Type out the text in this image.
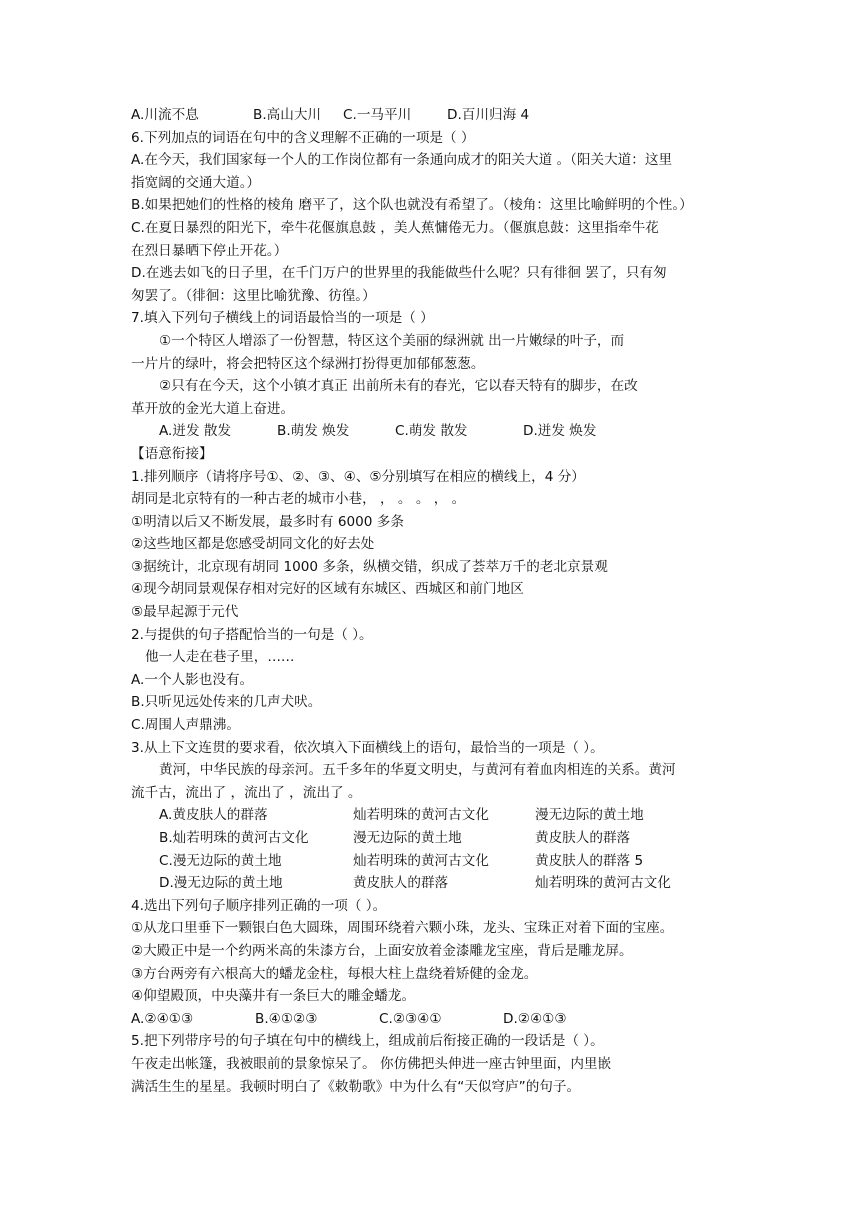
A.川流不息	B.高山大川 C.一马平川	D.百川归海 4
6.下列加点的词语在句中的含义理解不正确的一项是（ ）
A.在今天，我们国家每一个人的工作岗位都有一条通向成才的阳关大道 。（阳关大道：这里
指宽阔的交通大道。）
B.如果把她们的性格的棱角 磨平了，这个队也就没有希望了。（棱角：这里比喻鲜明的个性。）
C.在夏日暴烈的阳光下，牵牛花偃旗息鼓 ，美人蕉慵倦无力。（偃旗息鼓：这里指牵牛花
在烈日暴晒下停止开花。）
D.在逃去如飞的日子里，在千门万户的世界里的我能做些什么呢？只有徘徊 罢了，只有匆
匆罢了。（徘徊：这里比喻犹豫、彷徨。）
7.填入下列句子横线上的词语最恰当的一项是（ ）
①一个特区人增添了一份智慧，特区这个美丽的绿洲就 出一片嫩绿的叶子，而
一片片的绿叶，将会把特区这个绿洲打扮得更加郁郁葱葱。
②只有在今天，这个小镇才真正 出前所未有的春光，它以春天特有的脚步，在改
革开放的金光大道上奋进。
A.迸发 散发	B.萌发 焕发	C.萌发 散发	D.迸发 焕发
【语意衔接】
1.排列顺序（请将序号①、②、③、④、⑤分别填写在相应的横线上，4 分）
胡同是北京特有的一种古老的城市小巷， ， 。 。 ， 。
①明清以后又不断发展，最多时有 6000 多条
②这些地区都是您感受胡同文化的好去处
③据统计，北京现有胡同 1000 多条，纵横交错，织成了荟萃万千的老北京景观
④现今胡同景观保存相对完好的区域有东城区、西城区和前门地区
⑤最早起源于元代
2.与提供的句子搭配恰当的一句是（ ）。
他一人走在巷子里，……
A.一个人影也没有。
B.只听见远处传来的几声犬吠。
C.周围人声鼎沸。
3.从上下文连贯的要求看，依次填入下面横线上的语句，最恰当的一项是（ ）。
黄河，中华民族的母亲河。五千多年的华夏文明史，与黄河有着血肉相连的关系。黄河
流千古，流出了 ，流出了 ，流出了 。
A.黄皮肤人的群落	灿若明珠的黄河古文化	漫无边际的黄土地
B.灿若明珠的黄河古文化	漫无边际的黄土地	黄皮肤人的群落
C.漫无边际的黄土地	灿若明珠的黄河古文化	黄皮肤人的群落 5
D.漫无边际的黄土地	黄皮肤人的群落	灿若明珠的黄河古文化
4.选出下列句子顺序排列正确的一项（ ）。
①从龙口里垂下一颗银白色大圆珠，周围环绕着六颗小珠，龙头、宝珠正对着下面的宝座。
②大殿正中是一个约两米高的朱漆方台，上面安放着金漆雕龙宝座，背后是雕龙屏。
③方台两旁有六根高大的蟠龙金柱，每根大柱上盘绕着矫健的金龙。
④仰望殿顶，中央藻井有一条巨大的雕金蟠龙。
A.②④①③	B.④①②③	C.②③④①	D.②④①③
5.把下列带序号的句子填在句中的横线上，组成前后衔接正确的一段话是（ ）。
午夜走出帐篷，我被眼前的景象惊呆了。 你仿佛把头伸进一座古钟里面，内里嵌
满活生生的星星。我顿时明白了《敕勒歌》中为什么有“天似穹庐”的句子。
